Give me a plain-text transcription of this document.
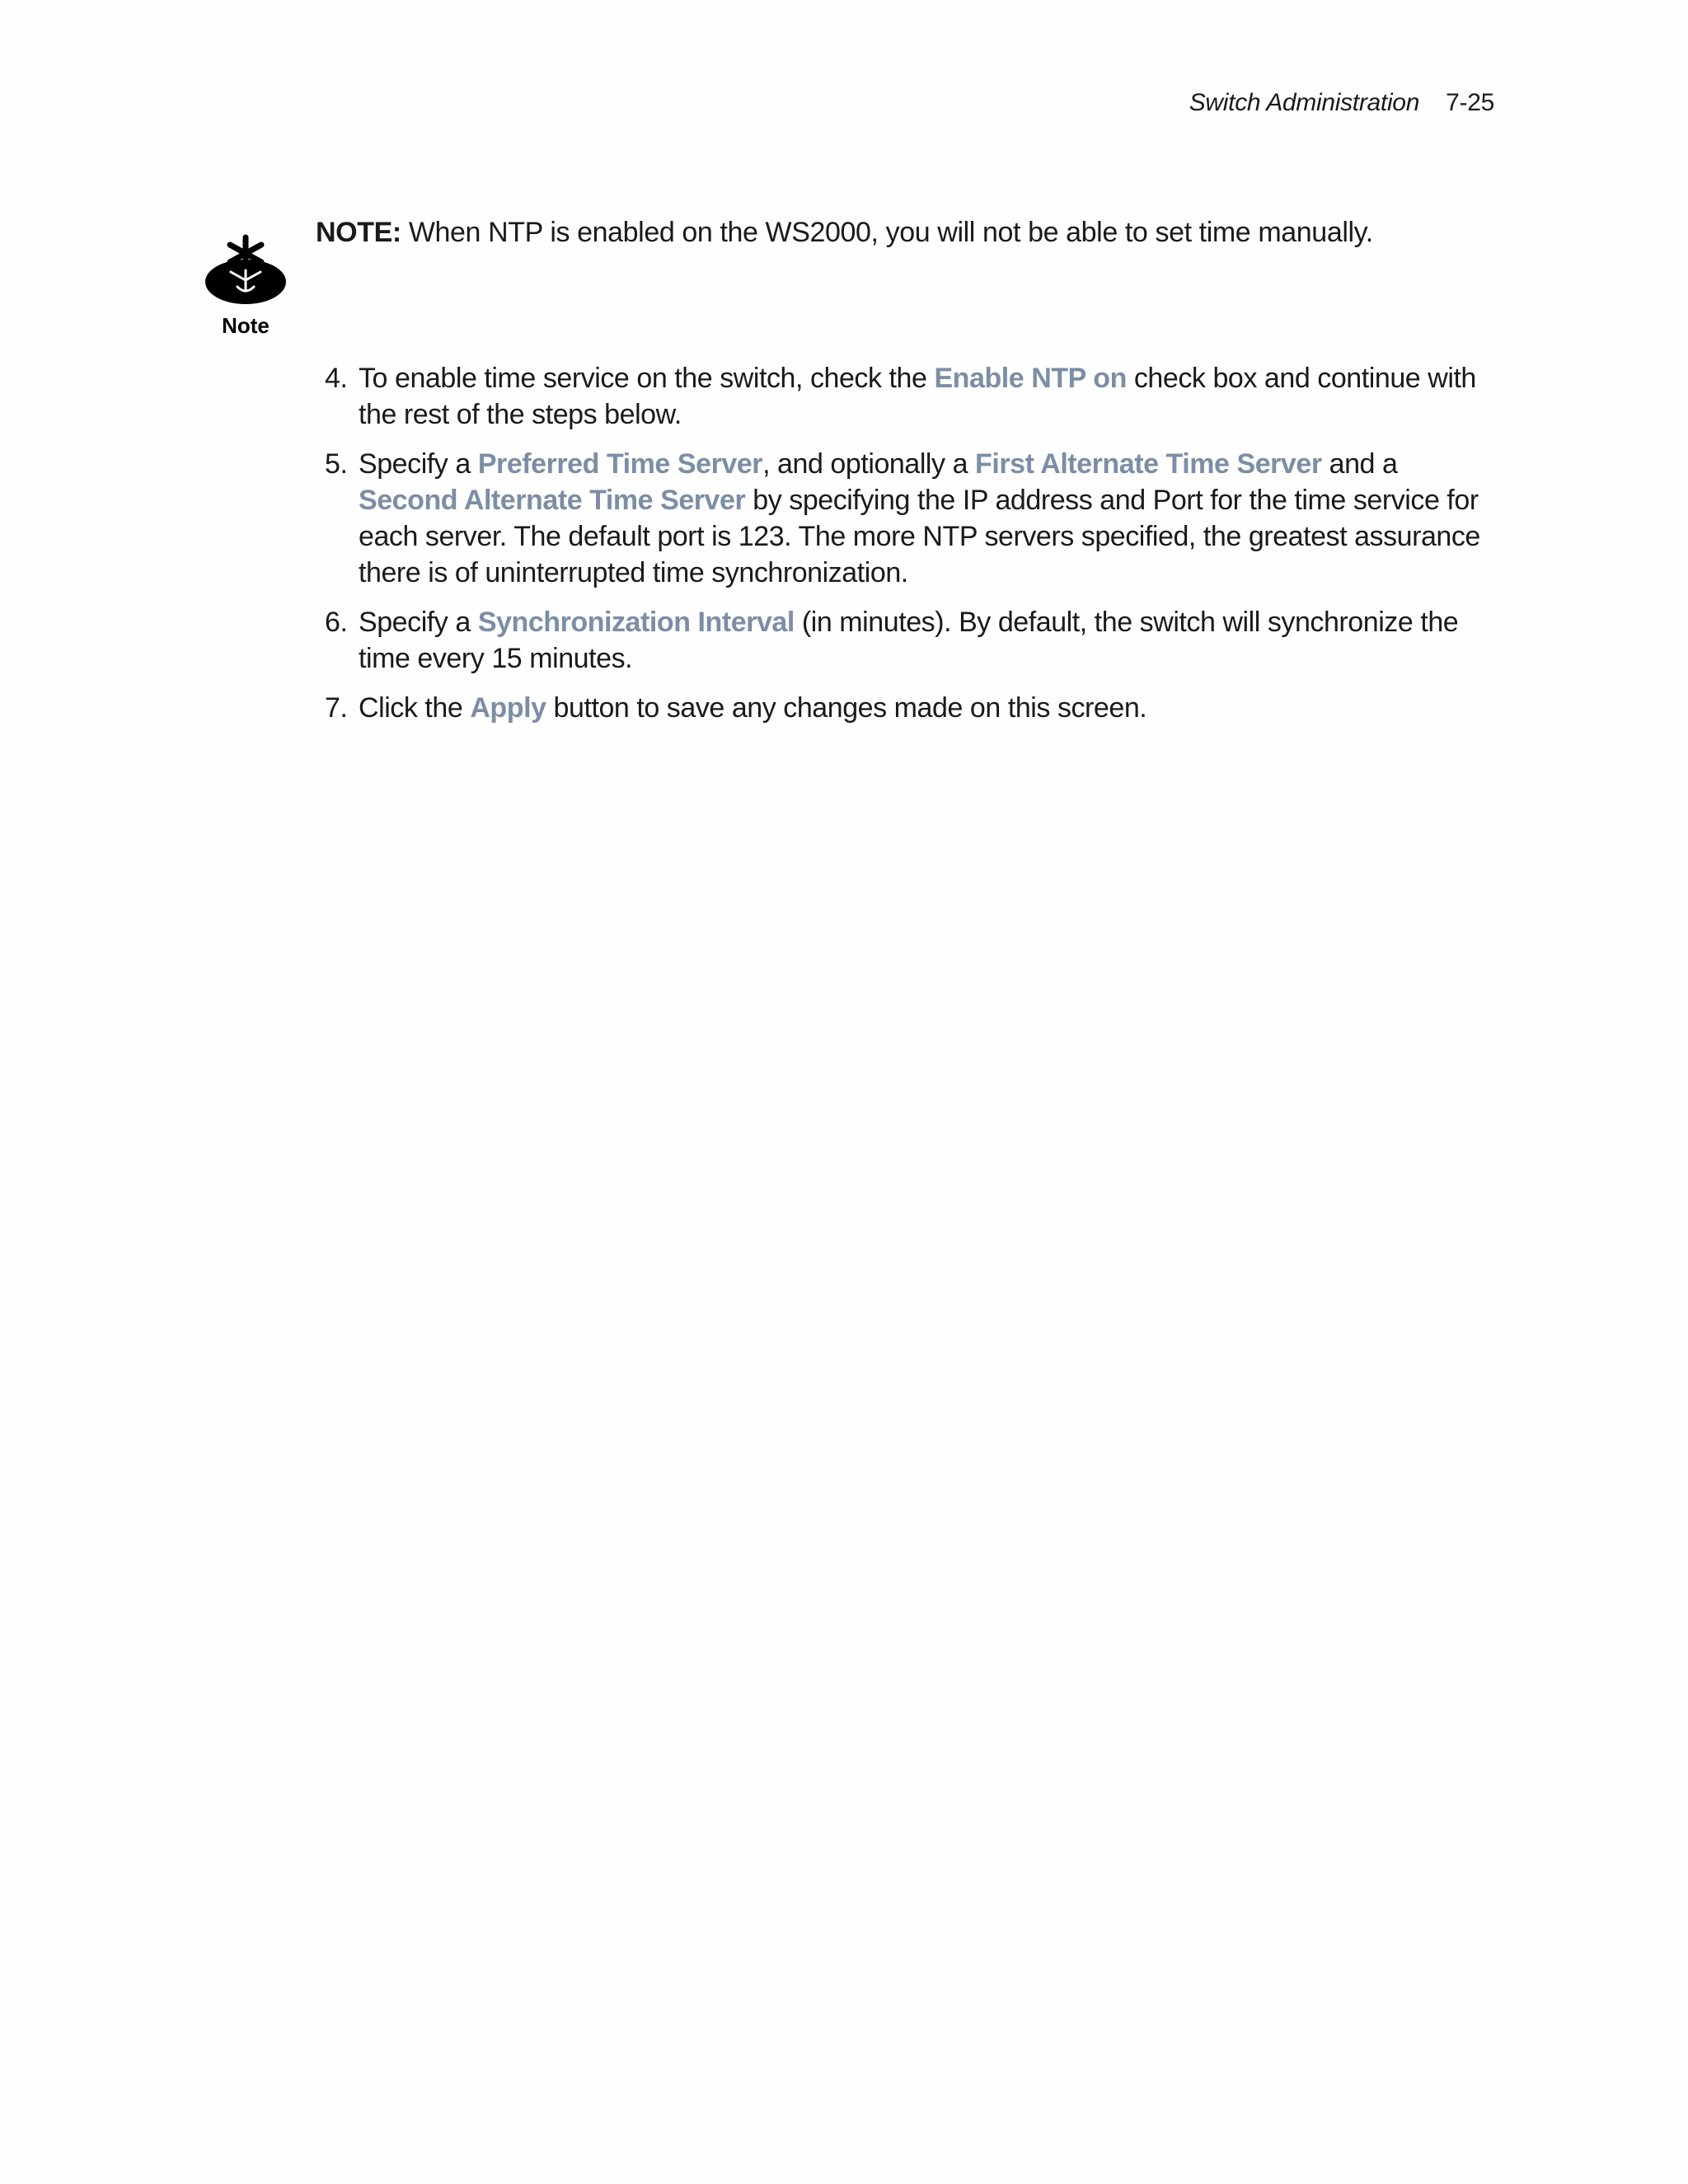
Switch Administration 7-25
Note
NOTE: When NTP is enabled on the WS2000, you will not be able to set time manually.
4. To enable time service on the switch, check the Enable NTP on check box and continue with the rest of the steps below.
5. Specify a Preferred Time Server, and optionally a First Alternate Time Server and a Second Alternate Time Server by specifying the IP address and Port for the time service for each server. The default port is 123. The more NTP servers specified, the greatest assurance there is of uninterrupted time synchronization.
6. Specify a Synchronization Interval (in minutes). By default, the switch will synchronize the time every 15 minutes.
7. Click the Apply button to save any changes made on this screen.
